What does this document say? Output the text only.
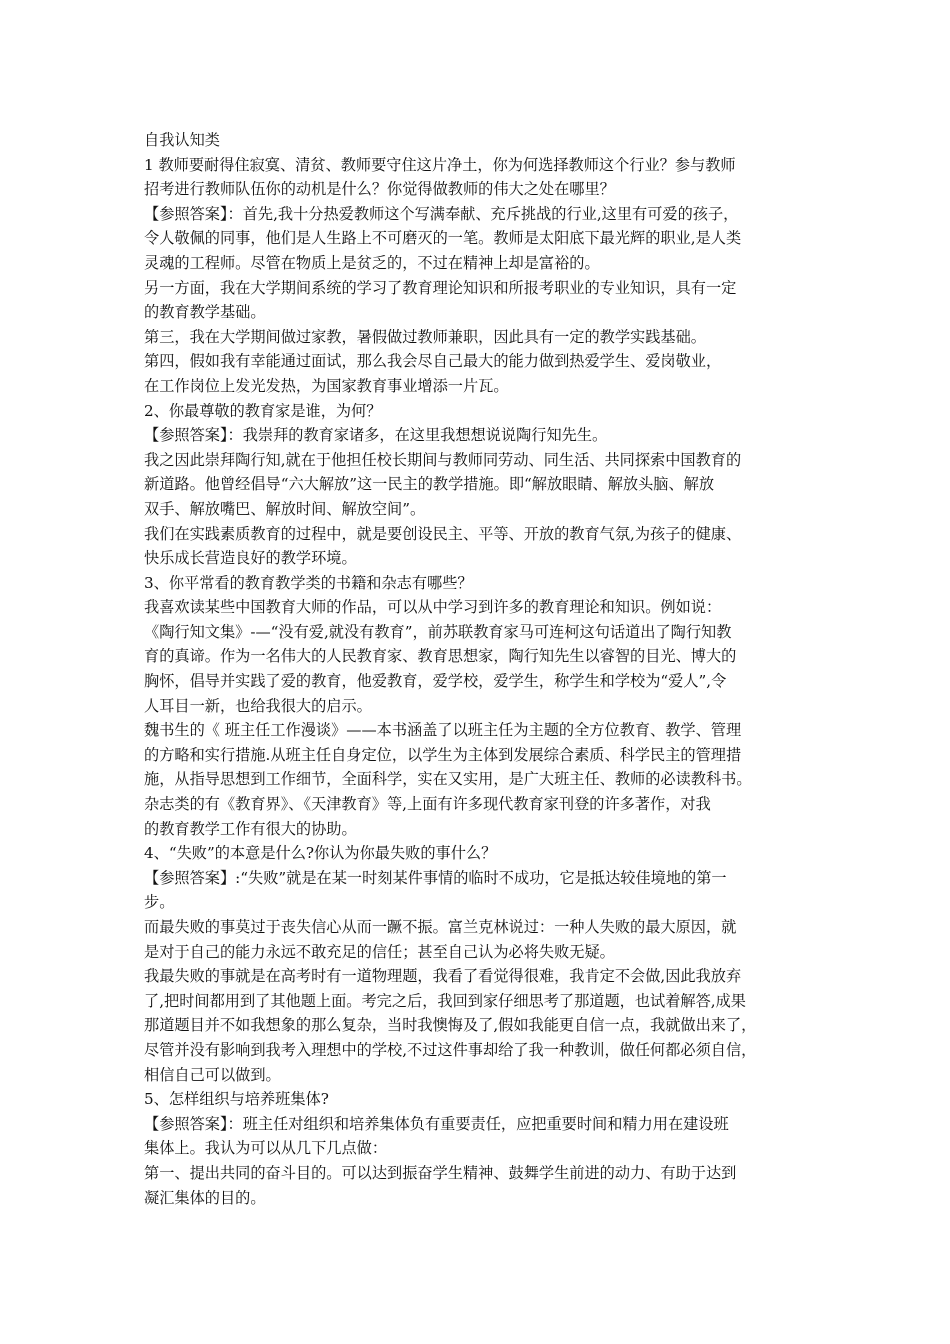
自我认知类

1 教师要耐得住寂寞、清贫、教师要守住这片净土，你为何选择教师这个行业？参与教师

招考进行教师队伍你的动机是什么？你觉得做教师的伟大之处在哪里？

【参照答案】：首先,我十分热爱教师这个写满奉献、充斥挑战的行业,这里有可爱的孩子，

令人敬佩的同事，他们是人生路上不可磨灭的一笔。教师是太阳底下最光辉的职业,是人类

灵魂的工程师。尽管在物质上是贫乏的，不过在精神上却是富裕的。

另一方面，我在大学期间系统的学习了教育理论知识和所报考职业的专业知识，具有一定

的教育教学基础。

第三，我在大学期间做过家教，暑假做过教师兼职，因此具有一定的教学实践基础。

第四，假如我有幸能通过面试，那么我会尽自己最大的能力做到热爱学生、爱岗敬业，

在工作岗位上发光发热，为国家教育事业增添一片瓦。

2、你最尊敬的教育家是谁，为何？

【参照答案】：我崇拜的教育家诸多，在这里我想想说说陶行知先生。

我之因此崇拜陶行知,就在于他担任校长期间与教师同劳动、同生活、共同探索中国教育的

新道路。他曾经倡导“六大解放”这一民主的教学措施。即“解放眼睛、解放头脑、解放

双手、解放嘴巴、解放时间、解放空间”。

我们在实践素质教育的过程中，就是要创设民主、平等、开放的教育气氛,为孩子的健康、

快乐成长营造良好的教学环境。

3、你平常看的教育教学类的书籍和杂志有哪些？

我喜欢读某些中国教育大师的作品，可以从中学习到许多的教育理论和知识。例如说：

《陶行知文集》-—“没有爱,就没有教育”，前苏联教育家马可连柯这句话道出了陶行知教

育的真谛。作为一名伟大的人民教育家、教育思想家，陶行知先生以睿智的目光、博大的

胸怀，倡导并实践了爱的教育，他爱教育，爱学校，爱学生，称学生和学校为“爱人”,令

人耳目一新，也给我很大的启示。

魏书生的《 班主任工作漫谈》——本书涵盖了以班主任为主题的全方位教育、教学、管理

的方略和实行措施.从班主任自身定位，以学生为主体到发展综合素质、科学民主的管理措

施，从指导思想到工作细节，全面科学，实在又实用，是广大班主任、教师的必读教科书。

杂志类的有《教育界》、《天津教育》等,上面有许多现代教育家刊登的许多著作，对我

的教育教学工作有很大的协助。

4、“失败”的本意是什么?你认为你最失败的事什么？

【参照答案】:“失败”就是在某一时刻某件事情的临时不成功，它是抵达较佳境地的第一

步。

而最失败的事莫过于丧失信心从而一蹶不振。富兰克林说过：一种人失败的最大原因，就

是对于自己的能力永远不敢充足的信任；甚至自己认为必将失败无疑。

我最失败的事就是在高考时有一道物理题，我看了看觉得很难，我肯定不会做,因此我放弃

了,把时间都用到了其他题上面。考完之后，我回到家仔细思考了那道题，也试着解答,成果

那道题目并不如我想象的那么复杂，当时我懊悔及了,假如我能更自信一点，我就做出来了，

尽管并没有影响到我考入理想中的学校,不过这件事却给了我一种教训，做任何都必须自信，

相信自己可以做到。

5、怎样组织与培养班集体?

【参照答案】：班主任对组织和培养集体负有重要责任，应把重要时间和精力用在建设班

集体上。我认为可以从几下几点做：

第一、提出共同的奋斗目的。可以达到振奋学生精神、鼓舞学生前进的动力、有助于达到

凝汇集体的目的。
